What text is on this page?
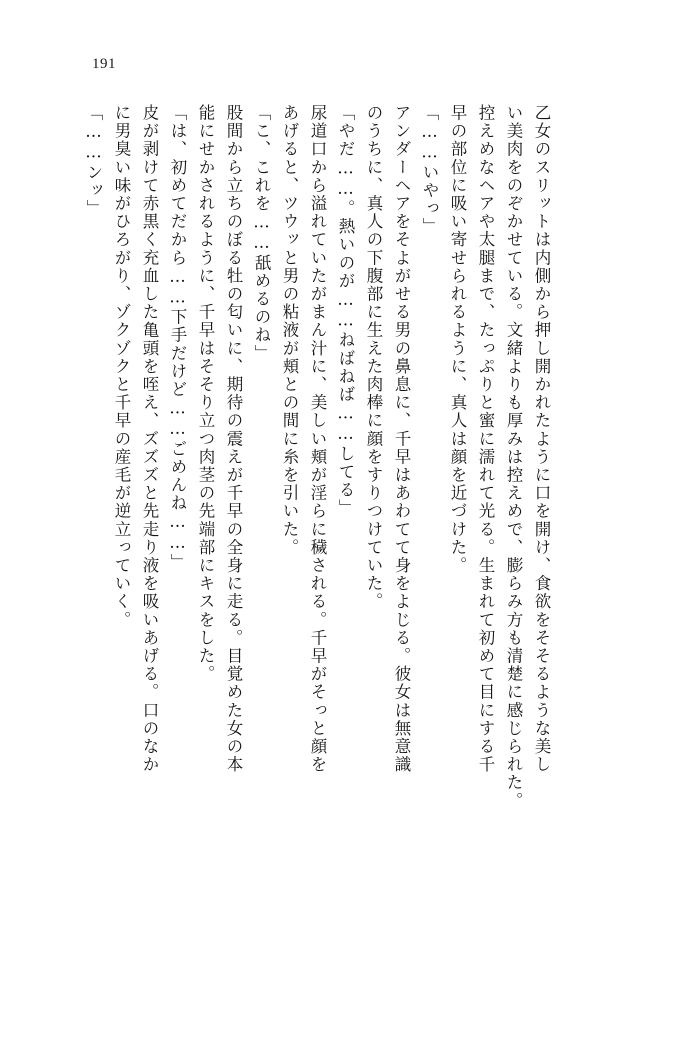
191
「……ンッ」 に男臭い味がひろがり、ゾクゾクと千早の産毛が逆立っていく。 皮が剥けて赤黒く充血した亀頭を咥え、ズズズと先走り液を吸いあげる。口のなか 「は、初めてだから……下手だけど……ごめんね……」 能にせかされるように、千早はそそり立つ肉茎の先端部にキスをした。 股間から立ちのぼる牡の匂いに、期待の震えが千早の全身に走る。目覚めた女の本 「こ、これを……舐めるのね」 あげると、ツウッと男の粘液が頬との間に糸を引いた。 尿道口から溢れていたがまん汁に、美しい頬が淫らに穢される。千早がそっと顔を 「やだ……。熱いのが……ねばねば……してる」 のうちに、真人の下腹部に生えた肉棒に顔をすりつけていた。 アンダーヘアをそよがせる男の鼻息に、千早はあわてて身をよじる。彼女は無意識 「……いやっ」 早の部位に吸い寄せられるように、真人は顔を近づけた。 控えめなヘアや太腿まで、たっぷりと蜜に濡れて光る。生まれて初めて目にする千 い美肉をのぞかせている。文緒よりも厚みは控えめで、膨らみ方も清楚に感じられた。 乙女のスリットは内側から押し開かれたように口を開け、食欲をそそるような美し
